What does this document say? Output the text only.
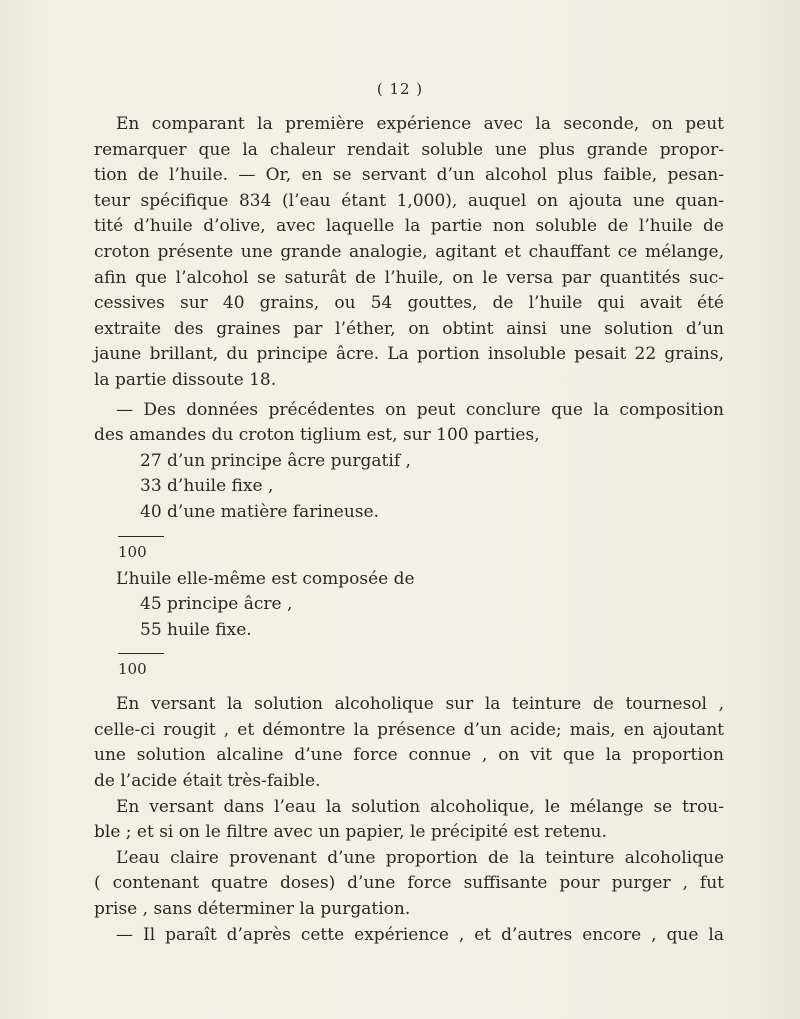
( 12 )
En comparant la première expérience avec la seconde, on peut
remarquer que la chaleur rendait soluble une plus grande propor-
tion de l’huile. — Or, en se servant d’un alcohol plus faible, pesan-
teur spécifique 834 (l’eau étant 1,000), auquel on ajouta une quan-
tité d’huile d’olive, avec laquelle la partie non soluble de l’huile de
croton présente une grande analogie, agitant et chauffant ce mélange,
afin que l’alcohol se saturât de l’huile, on le versa par quantités suc-
cessives sur 40 grains, ou 54 gouttes, de l’huile qui avait été
extraite des graines par l’éther, on obtint ainsi une solution d’un
jaune brillant, du principe âcre. La portion insoluble pesait 22 grains,
la partie dissoute 18.
— Des données précédentes on peut conclure que la composition
des amandes du croton tiglium est, sur 100 parties,
27 d’un principe âcre purgatif ,
33 d’huile fixe ,
40 d’une matière farineuse.
100
L’huile elle-même est composée de
45 principe âcre ,
55 huile fixe.
100
En versant la solution alcoholique sur la teinture de tournesol ,
celle-ci rougit , et démontre la présence d’un acide; mais, en ajoutant
une solution alcaline d’une force connue , on vit que la proportion
de l’acide était très-faible.
En versant dans l’eau la solution alcoholique, le mélange se trou-
ble ; et si on le filtre avec un papier, le précipité est retenu.
L’eau claire provenant d’une proportion de la teinture alcoholique
( contenant quatre doses) d’une force suffisante pour purger , fut
prise , sans déterminer la purgation.
— Il paraît d’après cette expérience , et d’autres encore , que la
